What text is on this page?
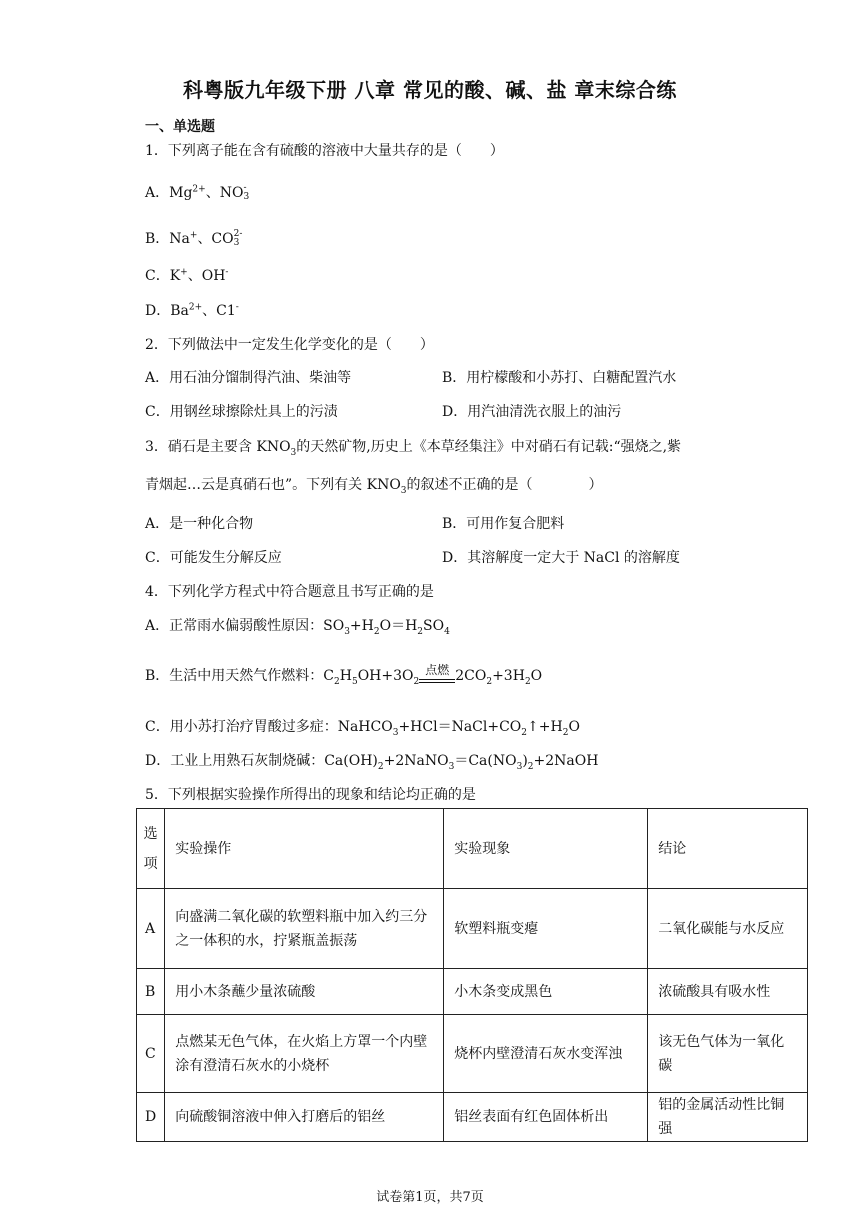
科粤版九年级下册 八章 常见的酸、碱、盐 章末综合练
一、单选题
1．下列离子能在含有硫酸的溶液中大量共存的是（　　）
A．$Mg^{2+}$、NO-
3
B．Na+、CO2-
3
C．K+、OH-
D．$Ba^{2+}$、C1-
2．下列做法中一定发生化学变化的是（　　）
A．用石油分馏制得汽油、柴油等	B．用柠檬酸和小苏打、白糖配置汽水
C．用钢丝球擦除灶具上的污渍	D．用汽油清洗衣服上的油污
3．硝石是主要含 $KNO_3$的天然矿物,历史上《本草经集注》中对硝石有记载:“强烧之,紫
青烟起…云是真硝石也”。下列有关 $KNO_3$的叙述不正确的是（　　　　）
A．是一种化合物	B．可用作复合肥料
C．可能发生分解反应	D．其溶解度一定大于 NaCl 的溶解度
4．下列化学方程式中符合题意且书写正确的是
A．正常雨水偏弱酸性原因：$SO_3+H_2O=H_2SO_4$
B．生活中用天然气作燃料：$C_2H_5OH+3O_2$
点燃 $2CO_2+3H_2O$
C．用小苏打治疗胃酸过多症：$NaHCO_3+HCl=NaCl+CO_2↑+H_2O$
D．工业上用熟石灰制烧碱：$Ca(OH)_2+2NaNO_3=Ca(NO_3)_2+2NaOH$
5．下列根据实验操作所得出的现象和结论均正确的是
选项	实验操作	实验现象	结论
A	向盛满二氧化碳的软塑料瓶中加入约三分之一体积的水，拧紧瓶盖振荡	软塑料瓶变瘪	二氧化碳能与水反应
B	用小木条蘸少量浓硫酸	小木条变成黑色	浓硫酸具有吸水性
C	点燃某无色气体，在火焰上方罩一个内壁涂有澄清石灰水的小烧杯	烧杯内壁澄清石灰水变浑浊	该无色气体为一氧化碳
D	向硫酸铜溶液中伸入打磨后的铝丝	铝丝表面有红色固体析出	铝的金属活动性比铜强
试卷第1页，共7页
